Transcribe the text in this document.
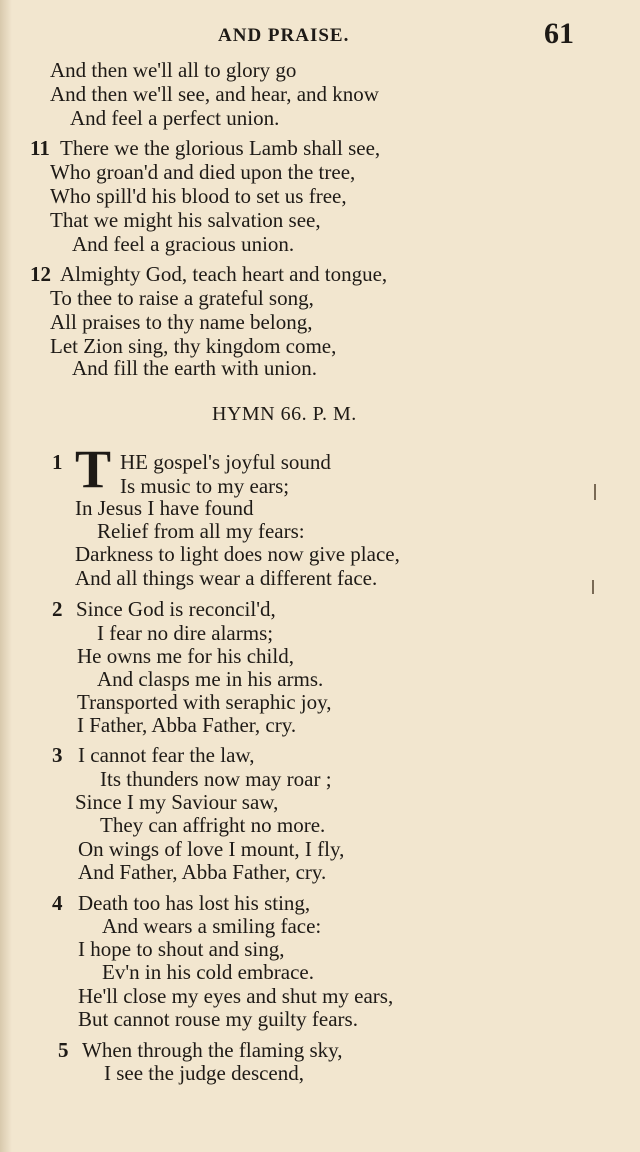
AND PRAISE.	61
And then we'll all to glory go
And then we'll see, and hear, and know
And feel a perfect union.
11 There we the glorious Lamb shall see,
Who groan'd and died upon the tree,
Who spill'd his blood to set us free,
That we might his salvation see,
And feel a gracious union.
12 Almighty God, teach heart and tongue,
To thee to raise a grateful song,
All praises to thy name belong,
Let Zion sing, thy kingdom come,
And fill the earth with union.
HYMN 66. P. M.
1 T HE gospel's joyful sound
Is music to my ears;
In Jesus I have found
Relief from all my fears:
Darkness to light does now give place,
And all things wear a different face.
2 Since God is reconcil'd,
I fear no dire alarms;
He owns me for his child,
And clasps me in his arms.
Transported with seraphic joy,
I Father, Abba Father, cry.
3 I cannot fear the law,
Its thunders now may roar ;
Since I my Saviour saw,
They can affright no more.
On wings of love I mount, I fly,
And Father, Abba Father, cry.
4 Death too has lost his sting,
And wears a smiling face:
I hope to shout and sing,
Ev'n in his cold embrace.
He'll close my eyes and shut my ears,
But cannot rouse my guilty fears.
5 When through the flaming sky,
I see the judge descend,
